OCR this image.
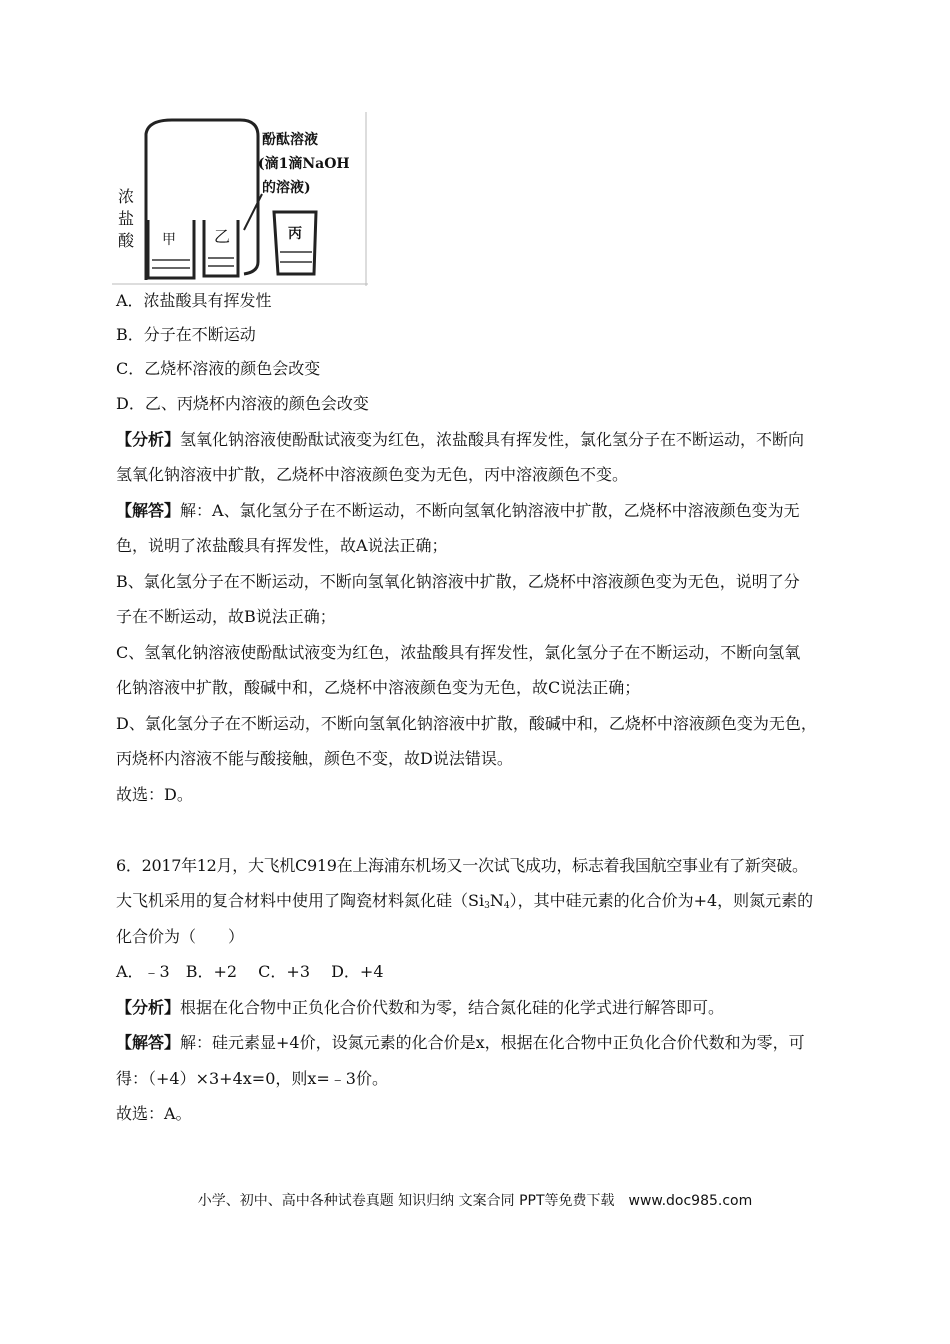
浓
盐
酸 甲 乙	丙
酚酞溶液
(滴1滴NaOH
的溶液)
A．浓盐酸具有挥发性
B．分子在不断运动
C．乙烧杯溶液的颜色会改变
D．乙、丙烧杯内溶液的颜色会改变
【分析】氢氧化钠溶液使酚酞试液变为红色，浓盐酸具有挥发性，氯化氢分子在不断运动，不断向
氢氧化钠溶液中扩散，乙烧杯中溶液颜色变为无色，丙中溶液颜色不变。
【解答】解：A、氯化氢分子在不断运动，不断向氢氧化钠溶液中扩散，乙烧杯中溶液颜色变为无
色，说明了浓盐酸具有挥发性，故A说法正确；
B、氯化氢分子在不断运动，不断向氢氧化钠溶液中扩散，乙烧杯中溶液颜色变为无色，说明了分
子在不断运动，故B说法正确；
C、氢氧化钠溶液使酚酞试液变为红色，浓盐酸具有挥发性，氯化氢分子在不断运动，不断向氢氧
化钠溶液中扩散，酸碱中和，乙烧杯中溶液颜色变为无色，故C说法正确；
D、氯化氢分子在不断运动，不断向氢氧化钠溶液中扩散，酸碱中和，乙烧杯中溶液颜色变为无色，
丙烧杯内溶液不能与酸接触，颜色不变，故D说法错误。
故选：D。
6．2017年12月，大飞机C919在上海浦东机场又一次试飞成功，标志着我国航空事业有了新突破。
大飞机采用的复合材料中使用了陶瓷材料氮化硅$(Si_3N_4)$，其中硅元素的化合价为+4，则氮元素的
化合价为（　　）
A．﹣3　B．+2　 C．+3　 D．+4
【分析】根据在化合物中正负化合价代数和为零，结合氮化硅的化学式进行解答即可。
【解答】解：硅元素显+4价，设氮元素的化合价是x，根据在化合物中正负化合价代数和为零，可
得：（+4）×3+4x=0，则x=﹣3价。
故选：A。
小学、初中、高中各种试卷真题 知识归纳 文案合同 PPT等免费下载　www.doc985.com
